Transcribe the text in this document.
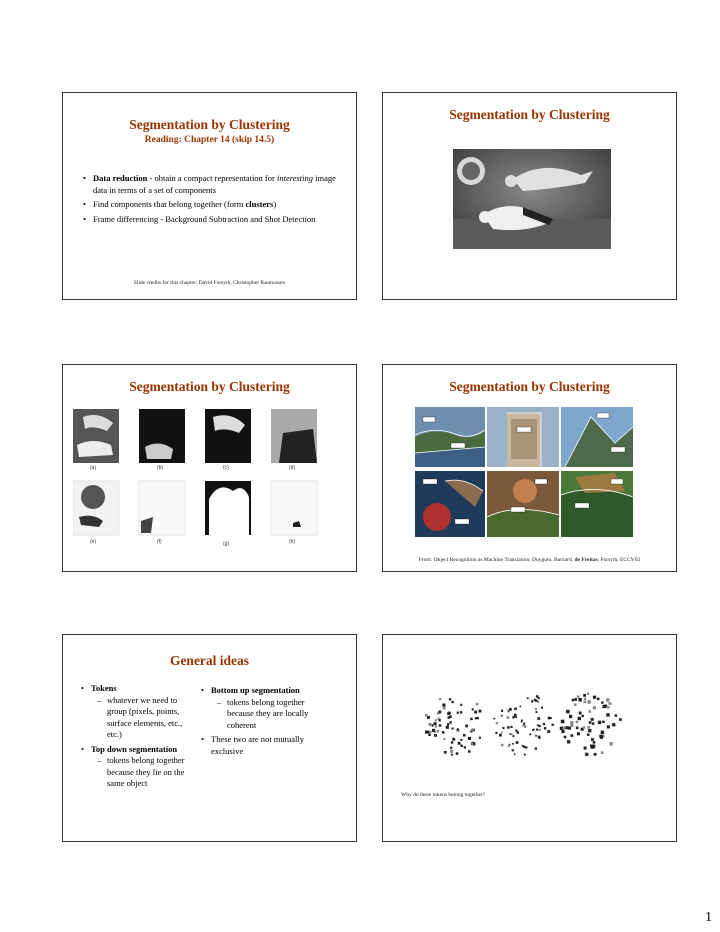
Segmentation by Clustering
Reading: Chapter 14 (skip 14.5)
• Data reduction - obtain a compact representation for interesting image data in terms of a set of components
• Find components that belong together (form clusters)
• Frame differencing - Background Subtraction and Shot Detection
Slide credits for this chapter: David Forsyth, Christopher Rasmussen
Segmentation by Clustering
Segmentation by Clustering
(a)	(b)	(c)	(d)
(e)	(f)	(g)	(h)
Segmentation by Clustering
From: Object Recognition as Machine Translation, Duygulu, Barnard, de Freitas, Forsyth, ECCV02
General ideas
• Tokens
– whatever we need to group (pixels, points, surface elements, etc., etc.)
• Top down segmentation
– tokens belong together because they lie on the same object
• Bottom up segmentation
– tokens belong together because they are locally coherent
• These two are not mutually exclusive
Why do these tokens belong together?
1
